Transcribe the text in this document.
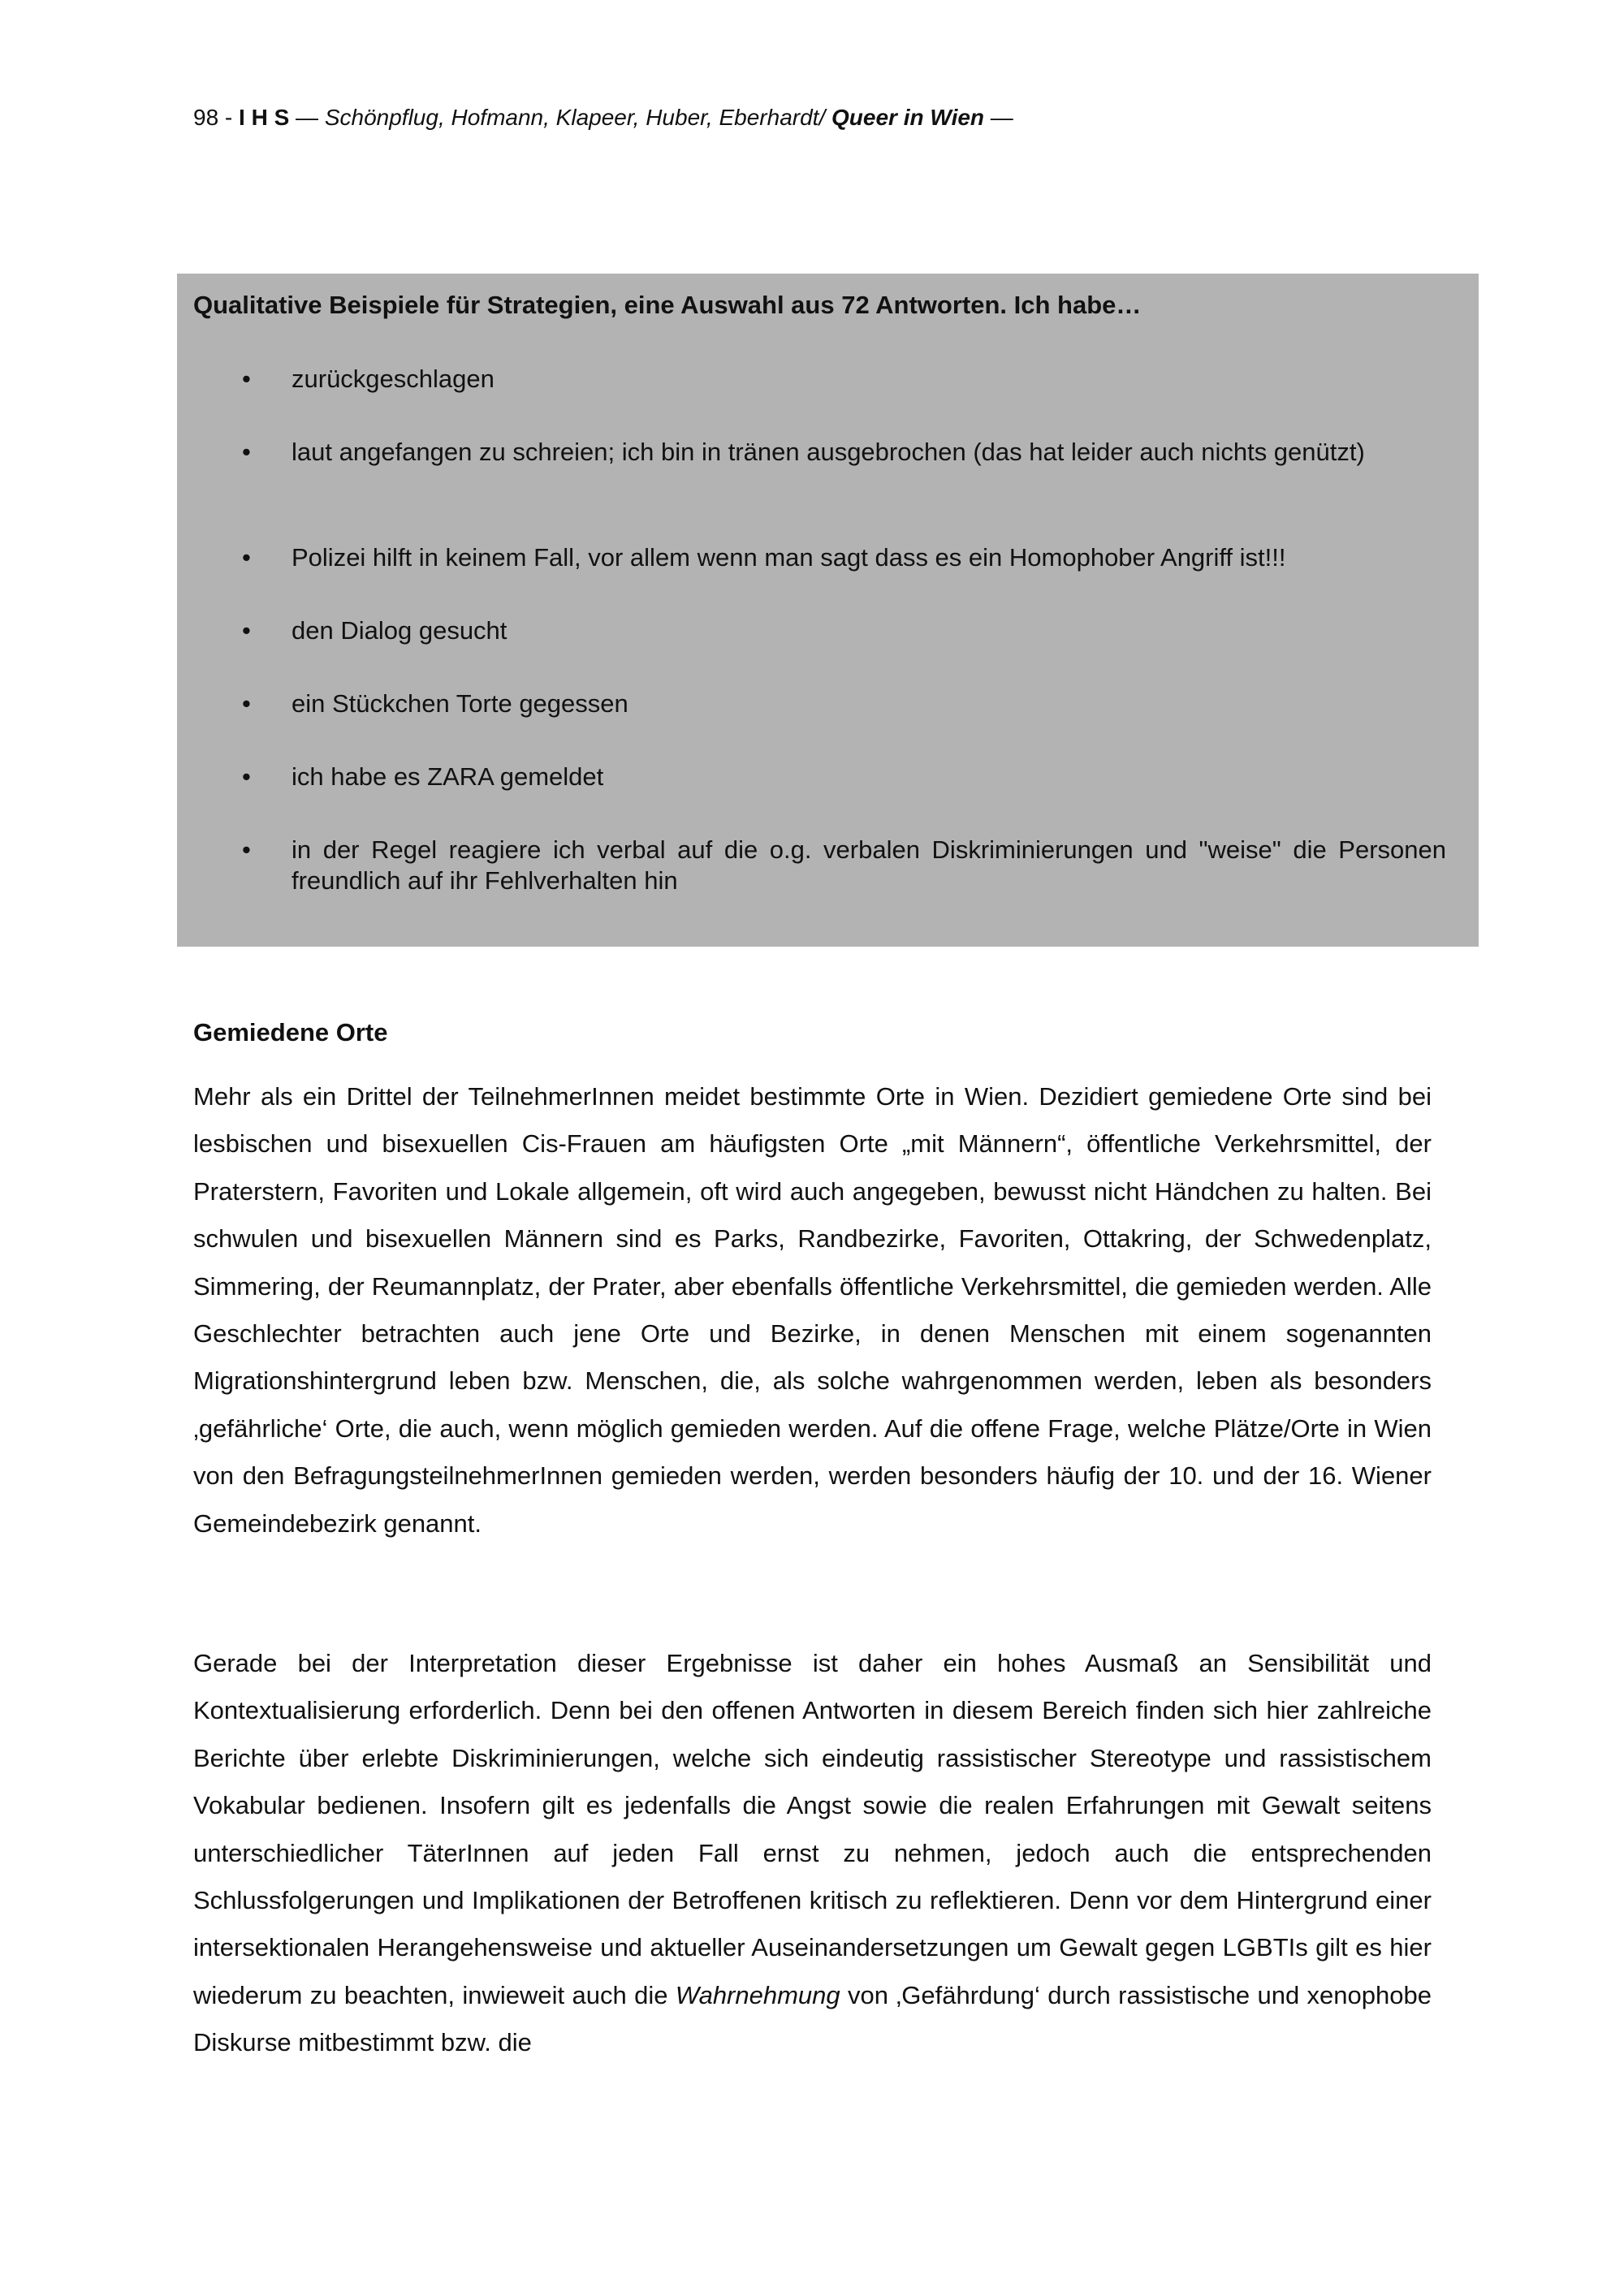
98 - I H S — Schönpflug, Hofmann, Klapeer, Huber, Eberhardt/ Queer in Wien —
Qualitative Beispiele für Strategien, eine Auswahl aus 72 Antworten. Ich habe…
• zurückgeschlagen
• laut angefangen zu schreien; ich bin in tränen ausgebrochen (das hat leider auch nichts genützt)
• Polizei hilft in keinem Fall, vor allem wenn man sagt dass es ein Homophober Angriff ist!!!
• den Dialog gesucht
• ein Stückchen Torte gegessen
• ich habe es ZARA gemeldet
• in der Regel reagiere ich verbal auf die o.g. verbalen Diskriminierungen und "weise" die Personen freundlich auf ihr Fehlverhalten hin
Gemiedene Orte

Mehr als ein Drittel der TeilnehmerInnen meidet bestimmte Orte in Wien. Dezidiert gemiedene Orte sind bei lesbischen und bisexuellen Cis-Frauen am häufigsten Orte „mit Männern“, öffentliche Verkehrsmittel, der Praterstern, Favoriten und Lokale allgemein, oft wird auch angegeben, bewusst nicht Händchen zu halten. Bei schwulen und bisexuellen Männern sind es Parks, Randbezirke, Favoriten, Ottakring, der Schwedenplatz, Simmering, der Reumannplatz, der Prater, aber ebenfalls öffentliche Verkehrsmittel, die gemieden werden. Alle Geschlechter betrachten auch jene Orte und Bezirke, in denen Menschen mit einem sogenannten Migrationshintergrund leben bzw. Menschen, die, als solche wahrgenommen werden, leben als besonders ‚gefährliche‘ Orte, die auch, wenn möglich gemieden werden. Auf die offene Frage, welche Plätze/Orte in Wien von den BefragungsteilnehmerInnen gemieden werden, werden besonders häufig der 10. und der 16. Wiener Gemeindebezirk genannt.

Gerade bei der Interpretation dieser Ergebnisse ist daher ein hohes Ausmaß an Sensibilität und Kontextualisierung erforderlich. Denn bei den offenen Antworten in diesem Bereich finden sich hier zahlreiche Berichte über erlebte Diskriminierungen, welche sich eindeutig rassistischer Stereotype und rassistischem Vokabular bedienen. Insofern gilt es jedenfalls die Angst sowie die realen Erfahrungen mit Gewalt seitens unterschiedlicher TäterInnen auf jeden Fall ernst zu nehmen, jedoch auch die entsprechenden Schlussfolgerungen und Implikationen der Betroffenen kritisch zu reflektieren. Denn vor dem Hintergrund einer intersektionalen Herangehensweise und aktueller Auseinandersetzungen um Gewalt gegen LGBTIs gilt es hier wiederum zu beachten, inwieweit auch die Wahrnehmung von ‚Gefährdung‘ durch rassistische und xenophobe Diskurse mitbestimmt bzw. die
